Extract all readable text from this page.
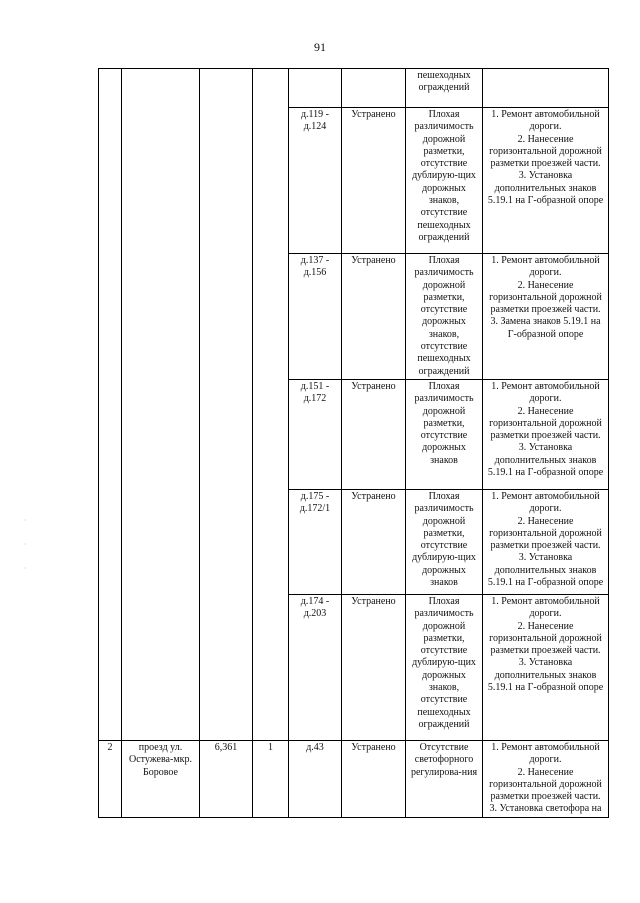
91
·

·

·
						пешеходных ограждений	
				д.119 - д.124	Устранено	Плохая различимость дорожной разметки, отсутствие дублирую-щих дорожных знаков, отсутствие пешеходных ограждений	1. Ремонт автомобильной дороги.
2. Нанесение горизонтальной дорожной разметки проезжей части.
3. Установка дополнительных знаков 5.19.1 на Г-образной опоре
				д.137 - д.156	Устранено	Плохая различимость дорожной разметки, отсутствие дорожных знаков, отсутствие пешеходных ограждений	1. Ремонт автомобильной дороги.
2. Нанесение горизонтальной дорожной разметки проезжей части.
3. Замена знаков 5.19.1 на Г-образной опоре
				д.151 - д.172	Устранено	Плохая различимость дорожной разметки, отсутствие дорожных знаков	1. Ремонт автомобильной дороги.
2. Нанесение горизонтальной дорожной разметки проезжей части.
3. Установка дополнительных знаков 5.19.1 на Г-образной опоре
				д.175 - д.172/1	Устранено	Плохая различимость дорожной разметки, отсутствие дублирую-щих дорожных знаков	1. Ремонт автомобильной дороги.
2. Нанесение горизонтальной дорожной разметки проезжей части.
3. Установка дополнительных знаков 5.19.1 на Г-образной опоре
				д.174 - д.203	Устранено	Плохая различимость дорожной разметки, отсутствие дублирую-щих дорожных знаков, отсутствие пешеходных ограждений	1. Ремонт автомобильной дороги.
2. Нанесение горизонтальной дорожной разметки проезжей части.
3. Установка дополнительных знаков 5.19.1 на Г-образной опоре
2	проезд ул. Остужева-мкр. Боровое	6,361	1	д.43	Устранено	Отсутствие светофорного регулирова-ния	1. Ремонт автомобильной дороги.
2. Нанесение горизонтальной дорожной разметки проезжей части.
3. Установка светофора на
